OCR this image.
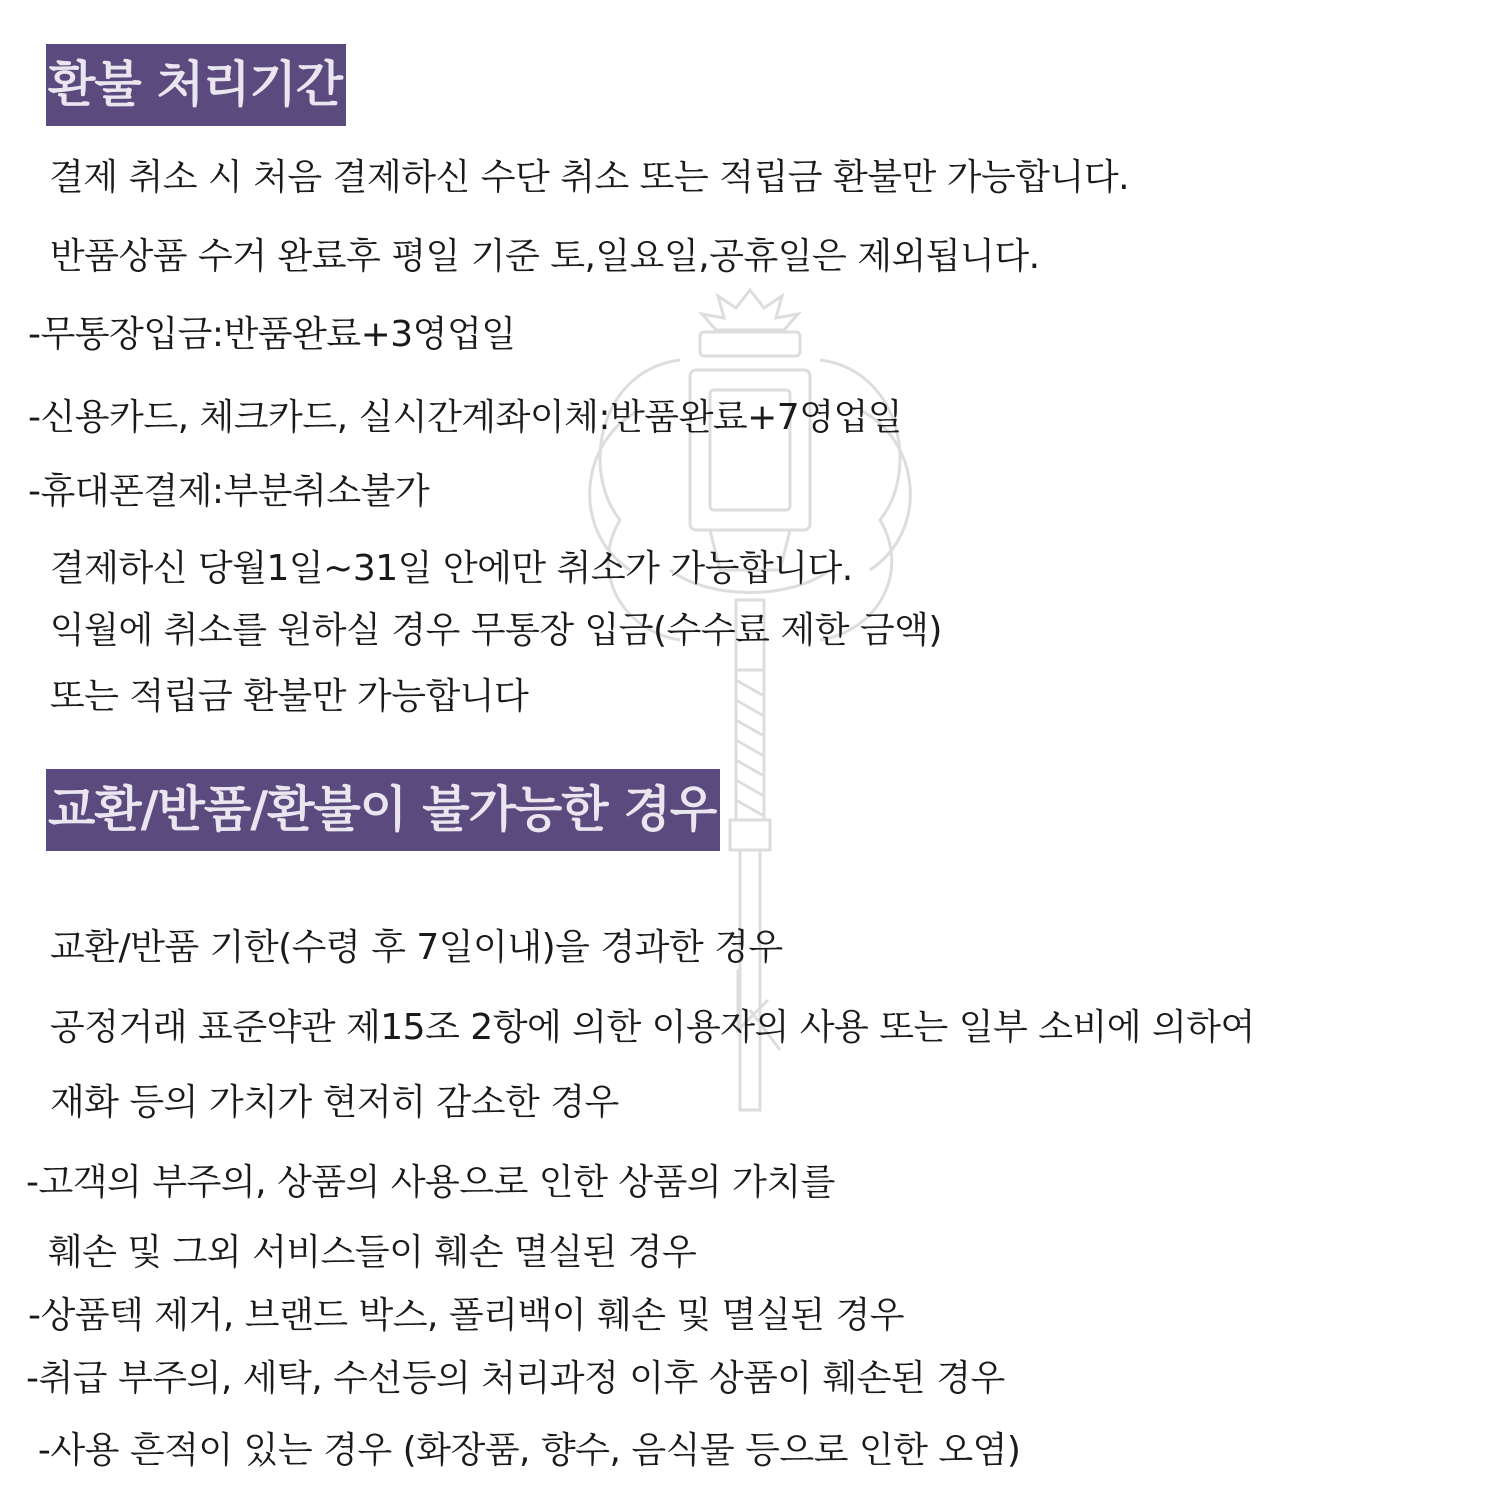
환불 처리기간
결제 취소 시 처음 결제하신 수단 취소 또는 적립금 환불만 가능합니다.
반품상품 수거 완료후 평일 기준 토,일요일,공휴일은 제외됩니다.
-무통장입금:반품완료+3영업일
-신용카드, 체크카드, 실시간계좌이체:반품완료+7영업일
-휴대폰결제:부분취소불가
결제하신 당월1일~31일 안에만 취소가 가능합니다.
익월에 취소를 원하실 경우 무통장 입금(수수료 제한 금액)
또는 적립금 환불만 가능합니다
교환/반품/환불이 불가능한 경우
교환/반품 기한(수령 후 7일이내)을 경과한 경우
공정거래 표준약관 제15조 2항에 의한 이용자의 사용 또는 일부 소비에 의하여
재화 등의 가치가 현저히 감소한 경우
-고객의 부주의, 상품의 사용으로 인한 상품의 가치를
훼손 및 그외 서비스들이 훼손 멸실된 경우
-상품텍 제거, 브랜드 박스, 폴리백이 훼손 및 멸실된 경우
-취급 부주의, 세탁, 수선등의 처리과정 이후 상품이 훼손된 경우
-사용 흔적이 있는 경우 (화장품, 향수, 음식물 등으로 인한 오염)
